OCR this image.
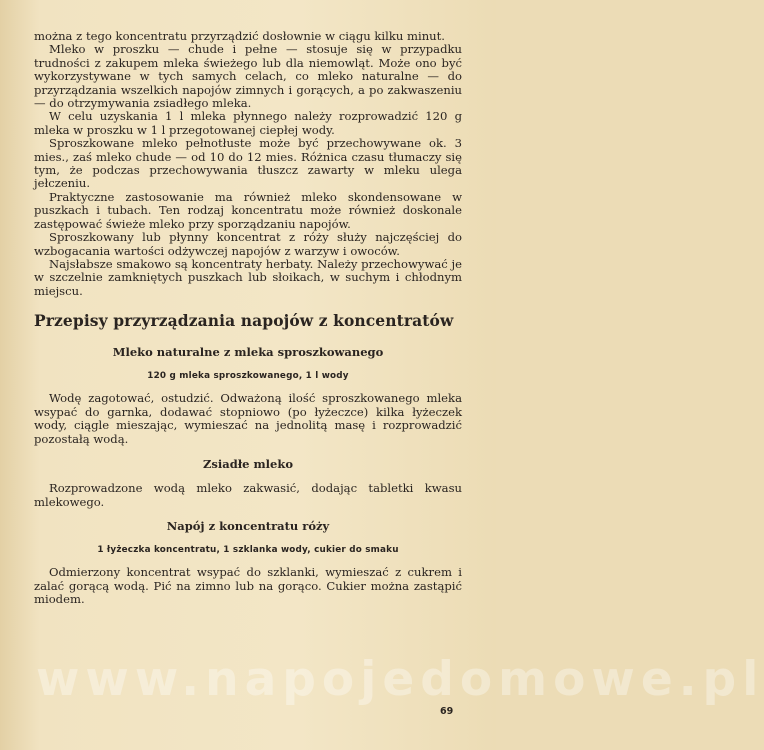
można z tego koncentratu przyrządzić dosłownie w ciągu kilku minut.

Mleko w proszku — chude i pełne — stosuje się w przypadku trudności z zakupem mleka świeżego lub dla niemowląt. Może ono być wykorzystywane w tych samych celach, co mleko naturalne — do przyrządzania wszelkich napojów zimnych i gorących, a po zakwaszeniu — do otrzymywania zsiadłego mleka.

W celu uzyskania 1 l mleka płynnego należy rozprowadzić 120 g mleka w proszku w 1 l przegotowanej ciepłej wody.

Sproszkowane mleko pełnotłuste może być przechowywane ok. 3 mies., zaś mleko chude — od 10 do 12 mies. Różnica czasu tłumaczy się tym, że podczas przechowywania tłuszcz zawarty w mleku ulega jełczeniu.

Praktyczne zastosowanie ma również mleko skondensowane w puszkach i tubach. Ten rodzaj koncentratu może również doskonale zastępować świeże mleko przy sporządzaniu napojów.

Sproszkowany lub płynny koncentrat z róży służy najczęściej do wzbogacania wartości odżywczej napojów z warzyw i owoców.

Najsłabsze smakowo są koncentraty herbaty. Należy przechowywać je w szczelnie zamkniętych puszkach lub słoikach, w suchym i chłodnym miejscu.

Przepisy przyrządzania napojów z koncentratów
Mleko naturalne z mleka sproszkowanego
120 g mleka sproszkowanego, 1 l wody

Wodę zagotować, ostudzić. Odważoną ilość sproszkowanego mleka wsypać do garnka, dodawać stopniowo (po łyżeczce) kilka łyżeczek wody, ciągle mieszając, wymieszać na jednolitą masę i rozprowadzić pozostałą wodą.

Zsiadłe mleko

Rozprowadzone wodą mleko zakwasić, dodając tabletki kwasu mlekowego.

Napój z koncentratu róży
1 łyżeczka koncentratu, 1 szklanka wody, cukier do smaku

Odmierzony koncentrat wsypać do szklanki, wymieszać z cukrem i zalać gorącą wodą. Pić na zimno lub na gorąco. Cukier można zastąpić miodem.

www.napojedomowe.pl
69
